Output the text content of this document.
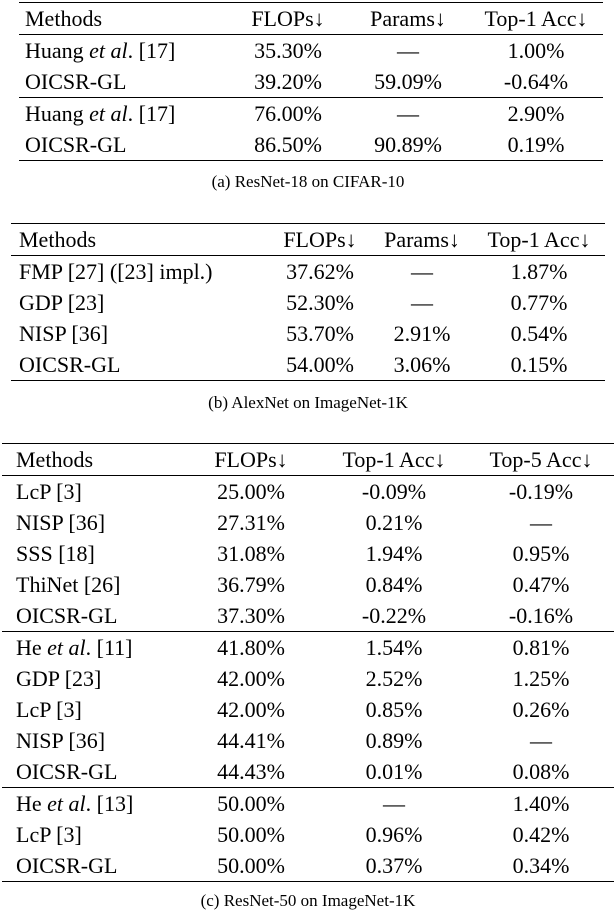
Methods	FLOPs↓	Params↓	Top-1 Acc↓
Huang et al. [17]	35.30%	—	1.00%
OICSR-GL	39.20%	59.09%	-0.64%
Huang et al. [17]	76.00%	—	2.90%
OICSR-GL	86.50%	90.89%	0.19%
(a) ResNet-18 on CIFAR-10
Methods	FLOPs↓	Params↓	Top-1 Acc↓
FMP [27] ([23] impl.)	37.62%	—	1.87%
GDP [23]	52.30%	—	0.77%
NISP [36]	53.70%	2.91%	0.54%
OICSR-GL	54.00%	3.06%	0.15%
(b) AlexNet on ImageNet-1K
Methods	FLOPs↓	Top-1 Acc↓	Top-5 Acc↓
LcP [3]	25.00%	-0.09%	-0.19%
NISP [36]	27.31%	0.21%	—
SSS [18]	31.08%	1.94%	0.95%
ThiNet [26]	36.79%	0.84%	0.47%
OICSR-GL	37.30%	-0.22%	-0.16%
He et al. [11]	41.80%	1.54%	0.81%
GDP [23]	42.00%	2.52%	1.25%
LcP [3]	42.00%	0.85%	0.26%
NISP [36]	44.41%	0.89%	—
OICSR-GL	44.43%	0.01%	0.08%
He et al. [13]	50.00%	—	1.40%
LcP [3]	50.00%	0.96%	0.42%
OICSR-GL	50.00%	0.37%	0.34%
(c) ResNet-50 on ImageNet-1K
